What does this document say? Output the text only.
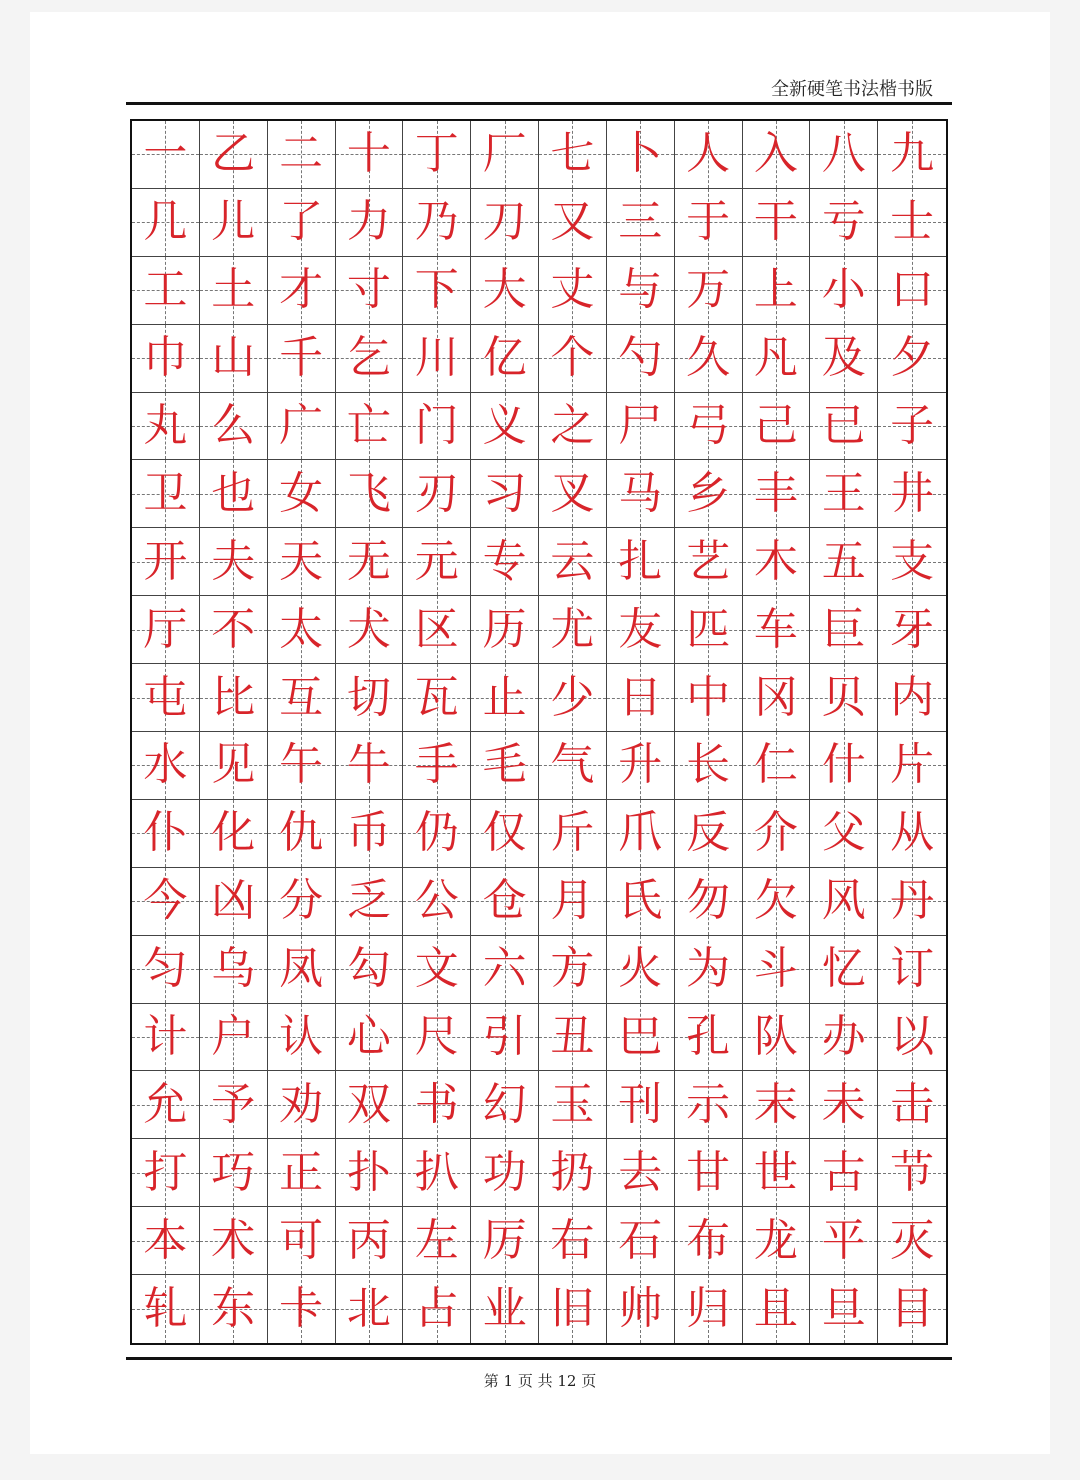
全新硬笔书法楷书版
一 乙 二 十 丁 厂 七 卜 人 入 八 九
几 儿 了 力 乃 刀 又 三 于 干 亏 士
工 土 才 寸 下 大 丈 与 万 上 小 口
巾 山 千 乞 川 亿 个 勺 久 凡 及 夕
丸 么 广 亡 门 义 之 尸 弓 己 已 子
卫 也 女 飞 刃 习 叉 马 乡 丰 王 井
开 夫 天 无 元 专 云 扎 艺 木 五 支
厅 不 太 犬 区 历 尤 友 匹 车 巨 牙
屯 比 互 切 瓦 止 少 日 中 冈 贝 内
水 见 午 牛 手 毛 气 升 长 仁 什 片
仆 化 仇 币 仍 仅 斤 爪 反 介 父 从
今 凶 分 乏 公 仓 月 氏 勿 欠 风 丹
匀 乌 凤 勾 文 六 方 火 为 斗 忆 订
计 户 认 心 尺 引 丑 巴 孔 队 办 以
允 予 劝 双 书 幻 玉 刊 示 末 未 击
打 巧 正 扑 扒 功 扔 去 甘 世 古 节
本 术 可 丙 左 厉 右 石 布 龙 平 灭
轧 东 卡 北 占 业 旧 帅 归 且 旦 目
第 1 页 共 12 页
